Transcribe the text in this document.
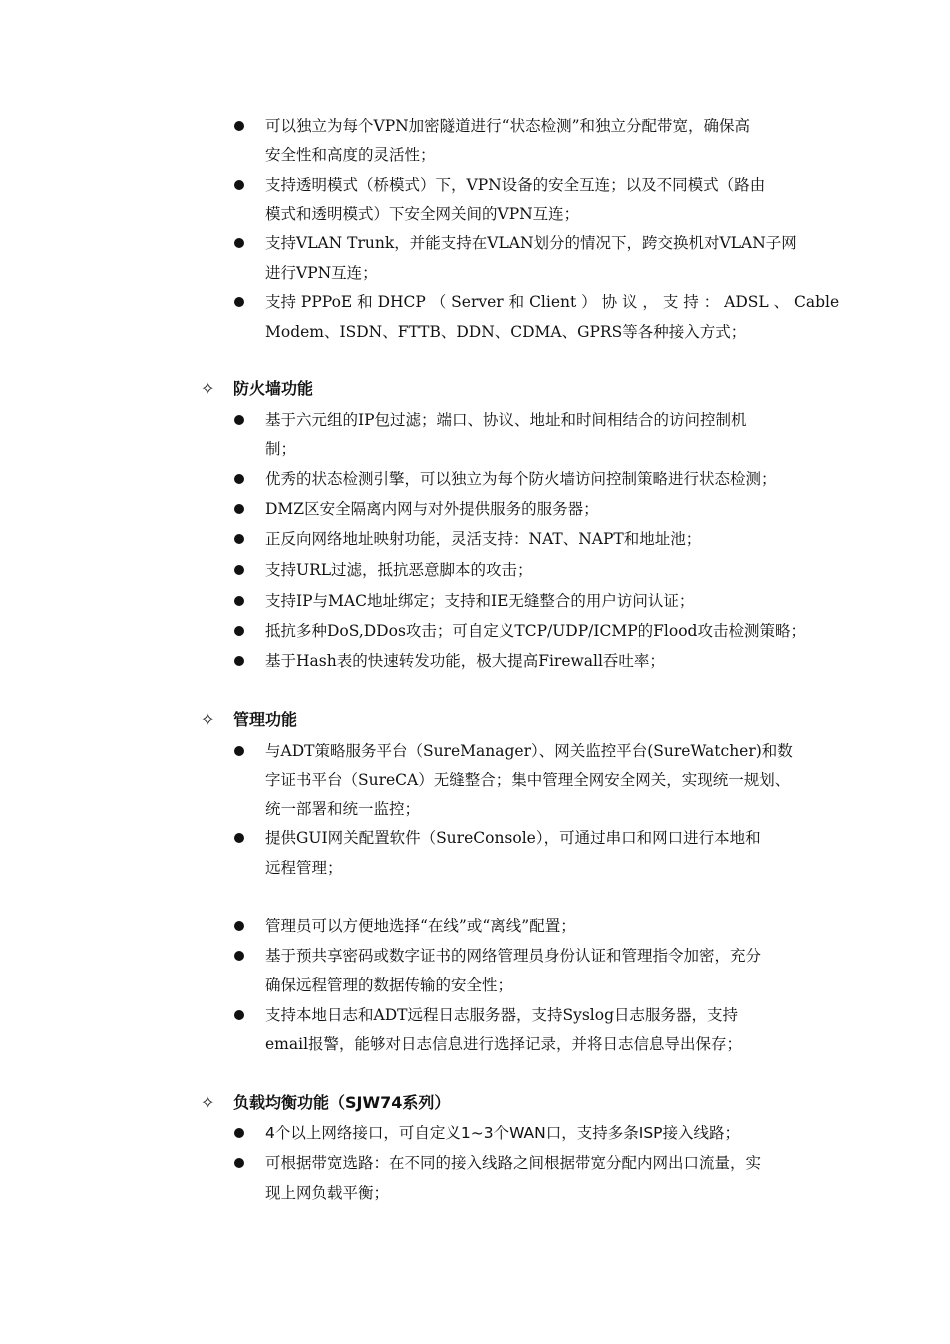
可以独立为每个VPN加密隧道进行“状态检测”和独立分配带宽，确保高
安全性和高度的灵活性；
支持透明模式（桥模式）下，VPN设备的安全互连；以及不同模式（路由
模式和透明模式）下安全网关间的VPN互连；
支持VLAN Trunk，并能支持在VLAN划分的情况下，跨交换机对VLAN子网
进行VPN互连；
支持 PPPoE 和 DHCP （ Server 和 Client ） 协 议 ， 支 持 ： ADSL 、 Cable
Modem、ISDN、FTTB、DDN、CDMA、GPRS等各种接入方式；
✧ 防火墙功能
基于六元组的IP包过滤；端口、协议、地址和时间相结合的访问控制机
制；
优秀的状态检测引擎，可以独立为每个防火墙访问控制策略进行状态检测；
DMZ区安全隔离内网与对外提供服务的服务器；
正反向网络地址映射功能，灵活支持：NAT、NAPT和地址池；
支持URL过滤，抵抗恶意脚本的攻击；
支持IP与MAC地址绑定；支持和IE无缝整合的用户访问认证；
抵抗多种DoS,DDos攻击；可自定义TCP/UDP/ICMP的Flood攻击检测策略；
基于Hash表的快速转发功能，极大提高Firewall吞吐率；
✧ 管理功能
与ADT策略服务平台（SureManager）、网关监控平台(SureWatcher)和数
字证书平台（SureCA）无缝整合；集中管理全网安全网关，实现统一规划、
统一部署和统一监控；
提供GUI网关配置软件（SureConsole），可通过串口和网口进行本地和
远程管理；
管理员可以方便地选择“在线”或“离线”配置；
基于预共享密码或数字证书的网络管理员身份认证和管理指令加密，充分
确保远程管理的数据传输的安全性；
支持本地日志和ADT远程日志服务器，支持Syslog日志服务器，支持
email报警，能够对日志信息进行选择记录，并将日志信息导出保存；
✧ 负载均衡功能（SJW74系列）
4个以上网络接口，可自定义1~3个WAN口，支持多条ISP接入线路；
可根据带宽选路：在不同的接入线路之间根据带宽分配内网出口流量，实
现上网负载平衡；
